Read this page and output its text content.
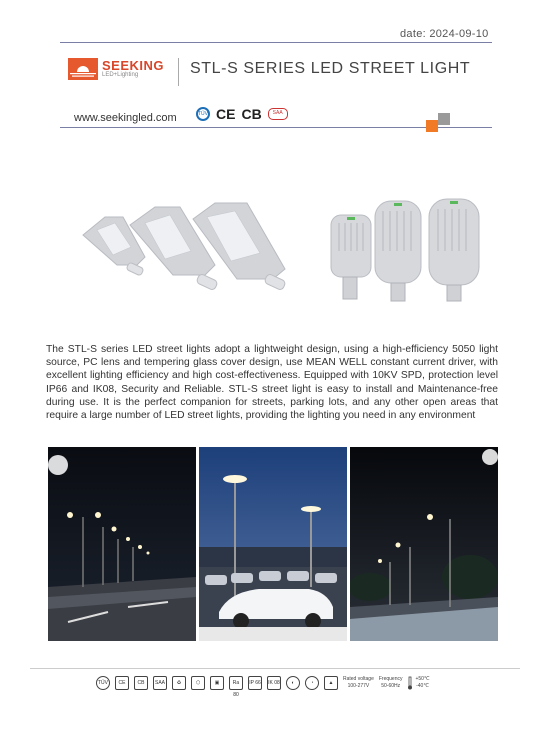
date: 2024-09-10
SEEKING
LED+Lighting	STL-S SERIES LED STREET LIGHT
www.seekingled.com	TÜV CE CB	SAA
The STL-S series LED street lights adopt a lightweight design, using a high-efficiency 5050 light source, PC lens and tempering glass cover design, use MEAN WELL constant current driver, with excellent lighting efficiency and high cost-effectiveness. Equipped with 10KV SPD, protection level IP66 and IK08, Security and Reliable. STL-S street light is easy to install and Maintenance-free during use. It is the perfect companion for streets, parking lots, and any other open areas that require a large number of LED street lights, providing the lighting you need in any environment
TÜV	CE	CB	SAA	♻	⬡	▣	Ra 80
IP 66 IK 08	◐	◔	▲
Rated voltage
100-277V
Frequency
50-60Hz
+50℃
-40℃
